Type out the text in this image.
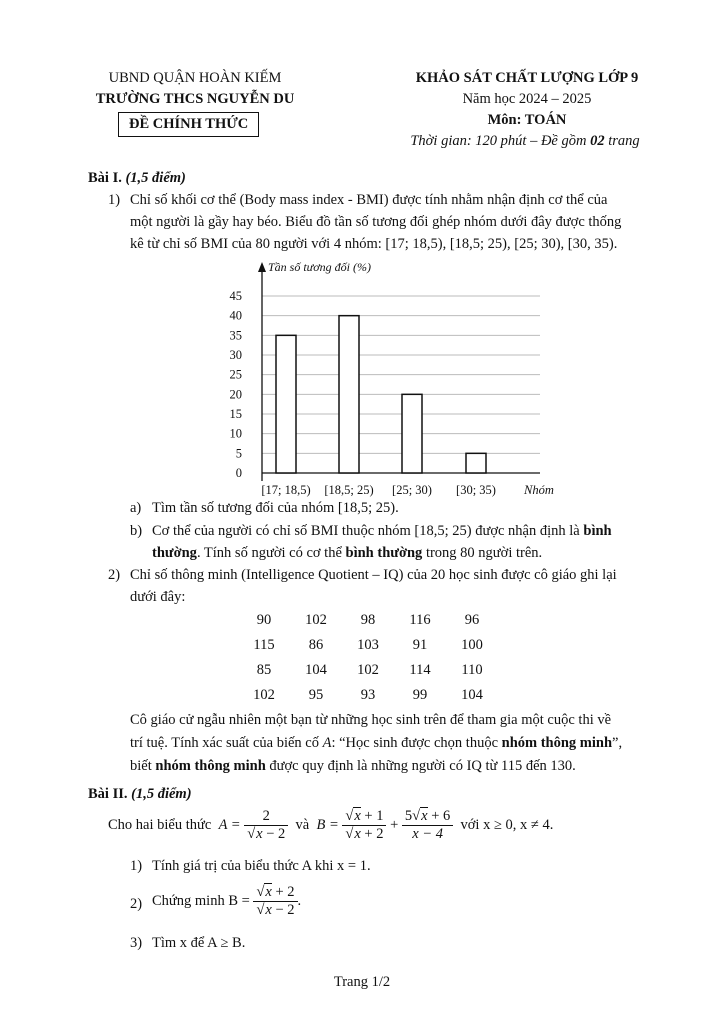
UBND QUẬN HOÀN KIẾM
TRƯỜNG THCS NGUYỄN DU
ĐỀ CHÍNH THỨC
KHẢO SÁT CHẤT LƯỢNG LỚP 9
Năm học 2024 – 2025
Môn: TOÁN
Thời gian: 120 phút – Đề gồm 02 trang
Bài I. (1,5 điểm)
1) Chỉ số khối cơ thể (Body mass index - BMI) được tính nhằm nhận định cơ thể của
một người là gầy hay béo. Biểu đồ tần số tương đối ghép nhóm dưới đây được thống
kê từ chỉ số BMI của 80 người với 4 nhóm: [17; 18,5), [18,5; 25), [25; 30), [30, 35).
0
5
10
15
20
25
30
35
40
45
Tần số tương đối (%)
[17; 18,5) [18,5; 25) [25; 30) [30; 35) Nhóm
a) Tìm tần số tương đối của nhóm [18,5; 25).
b) Cơ thể của người có chỉ số BMI thuộc nhóm [18,5; 25) được nhận định là bình
thường. Tính số người có cơ thể bình thường trong 80 người trên.
2) Chỉ số thông minh (Intelligence Quotient – IQ) của 20 học sinh được cô giáo ghi lại
dưới đây:
90	102	98	116	96
115	86	103	91	100
85	104	102	114	110
102	95	93	99	104
Cô giáo cử ngẫu nhiên một bạn từ những học sinh trên để tham gia một cuộc thi về
trí tuệ. Tính xác suất của biến cố A: “Học sinh được chọn thuộc nhóm thông minh”,
biết nhóm thông minh được quy định là những người có IQ từ 115 đến 130.
Bài II. (1,5 điểm)
Cho hai biểu thức $A = \frac{2}{√x - 2}$ và $B = \frac{√x + 1}{√x + 2} + \frac{5√x + 6}{x - 4}$ với x ≥ 0, x ≠ 4.
1) Tính giá trị của biểu thức A khi x = 1.
2) Chứng minh $B = \frac{√x + 2}{√x - 2}$ .
3) Tìm x để A ≥ B.
Trang 1/2
